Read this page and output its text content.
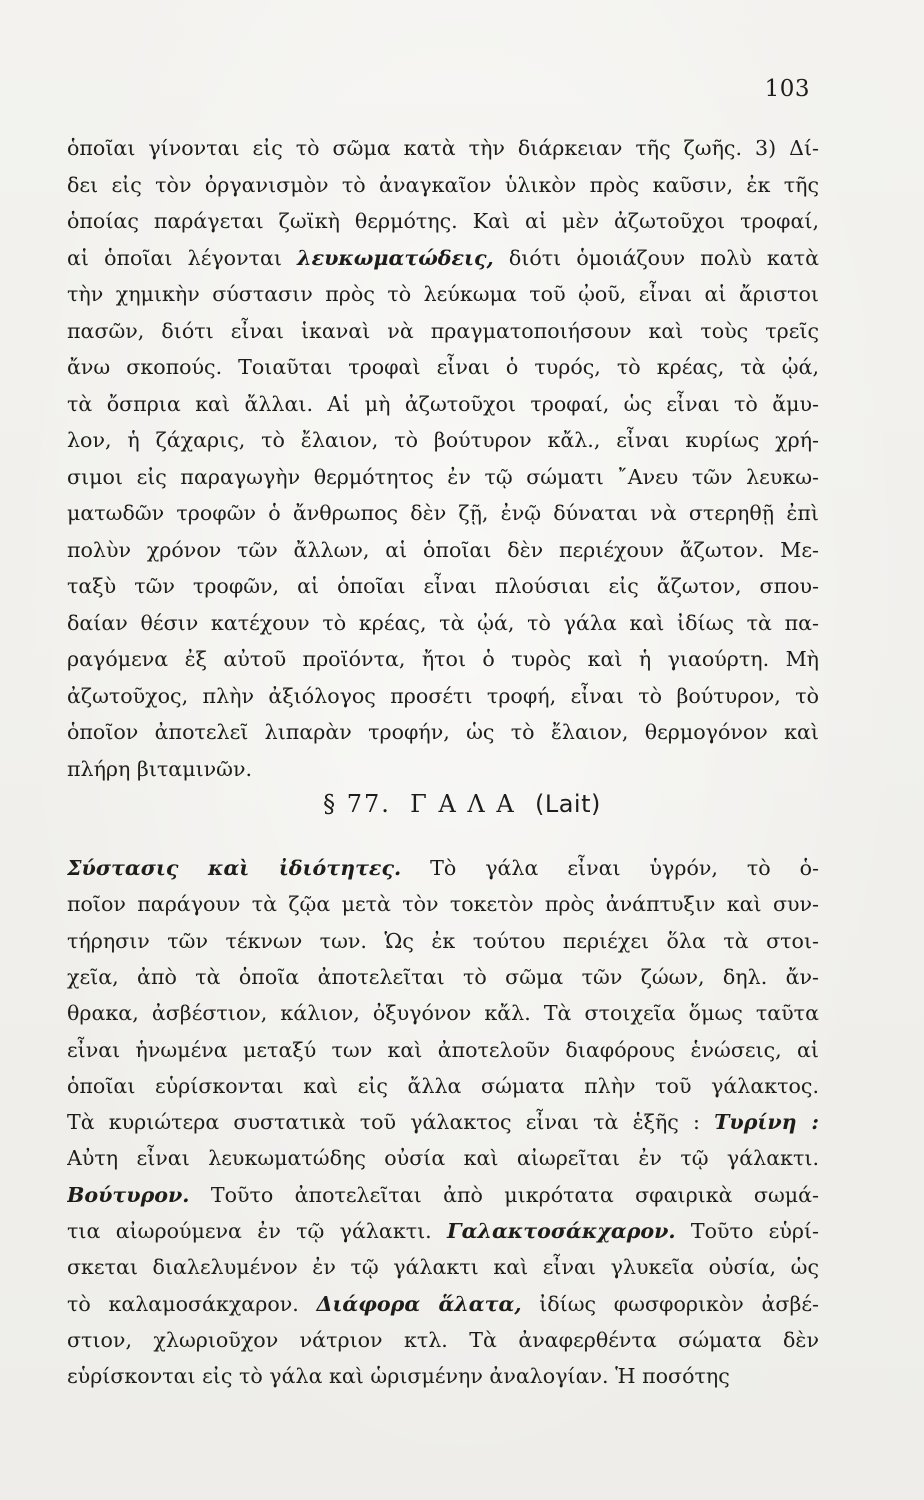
103
ὁποῖαι γίνονται εἰς τὸ σῶμα κατὰ τὴν διάρκειαν τῆς ζωῆς. 3) Δί-
δει εἰς τὸν ὀργανισμὸν τὸ ἀναγκαῖον ὑλικὸν πρὸς καῦσιν, ἐκ τῆς
ὁποίας παράγεται ζωϊκὴ θερμότης. Καὶ αἱ μὲν ἀζωτοῦχοι τροφαί,
αἱ ὁποῖαι λέγονται λευκωματώδεις, διότι ὁμοιάζουν πολὺ κατὰ
τὴν χημικὴν σύστασιν πρὸς τὸ λεύκωμα τοῦ ᾠοῦ, εἶναι αἱ ἄριστοι
πασῶν, διότι εἶναι ἱκαναὶ νὰ πραγματοποιήσουν καὶ τοὺς τρεῖς
ἄνω σκοπούς. Τοιαῦται τροφαὶ εἶναι ὁ τυρός, τὸ κρέας, τὰ ᾠά,
τὰ ὄσπρια καὶ ἄλλαι. Αἱ μὴ ἀζωτοῦχοι τροφαί, ὡς εἶναι τὸ ἄμυ-
λον, ἡ ζάχαρις, τὸ ἔλαιον, τὸ βούτυρον κἄλ., εἶναι κυρίως χρή-
σιμοι εἰς παραγωγὴν θερμότητος ἐν τῷ σώματι ῎Ανευ τῶν λευκω-
ματωδῶν τροφῶν ὁ ἄνθρωπος δὲν ζῇ, ἐνῷ δύναται νὰ στερηθῇ ἐπὶ
πολὺν χρόνον τῶν ἄλλων, αἱ ὁποῖαι δὲν περιέχουν ἄζωτον. Με-
ταξὺ τῶν τροφῶν, αἱ ὁποῖαι εἶναι πλούσιαι εἰς ἄζωτον, σπου-
δαίαν θέσιν κατέχουν τὸ κρέας, τὰ ᾠά, τὸ γάλα καὶ ἰδίως τὰ πα-
ραγόμενα ἐξ αὐτοῦ προϊόντα, ἤτοι ὁ τυρὸς καὶ ἡ γιαούρτη. Μὴ
ἀζωτοῦχος, πλὴν ἀξιόλογος προσέτι τροφή, εἶναι τὸ βούτυρον, τὸ
ὁποῖον ἀποτελεῖ λιπαρὰν τροφήν, ὡς τὸ ἔλαιον, θερμογόνον καὶ
πλήρη βιταμινῶν.
§ 77. Γ Α Λ Α (Lait)
Σύστασις καὶ ἰδιότητες. Τὸ γάλα εἶναι ὑγρόν, τὸ ὁ-
ποῖον παράγουν τὰ ζῷα μετὰ τὸν τοκετὸν πρὸς ἀνάπτυξιν καὶ συν-
τήρησιν τῶν τέκνων των. Ὡς ἐκ τούτου περιέχει ὅλα τὰ στοι-
χεῖα, ἀπὸ τὰ ὁποῖα ἀποτελεῖται τὸ σῶμα τῶν ζώων, δηλ. ἄν-
θρακα, ἀσβέστιον, κάλιον, ὀξυγόνον κἄλ. Τὰ στοιχεῖα ὅμως ταῦτα
εἶναι ἡνωμένα μεταξύ των καὶ ἀποτελοῦν διαφόρους ἑνώσεις, αἱ
ὁποῖαι εὑρίσκονται καὶ εἰς ἄλλα σώματα πλὴν τοῦ γάλακτος.
Τὰ κυριώτερα συστατικὰ τοῦ γάλακτος εἶναι τὰ ἑξῆς : Τυρίνη :
Αὐτη εἶναι λευκωματώδης οὐσία καὶ αἰωρεῖται ἐν τῷ γάλακτι.
Βούτυρον. Τοῦτο ἀποτελεῖται ἀπὸ μικρότατα σφαιρικὰ σωμά-
τια αἰωρούμενα ἐν τῷ γάλακτι. Γαλακτοσάκχαρον. Τοῦτο εὑρί-
σκεται διαλελυμένον ἐν τῷ γάλακτι καὶ εἶναι γλυκεῖα οὐσία, ὡς
τὸ καλαμοσάκχαρον. Διάφορα ἅλατα, ἰδίως φωσφορικὸν ἀσβέ-
στιον, χλωριοῦχον νάτριον κτλ. Τὰ ἀναφερθέντα σώματα δὲν
εὑρίσκονται εἰς τὸ γάλα καὶ ὡρισμένην ἀναλογίαν. Ἡ ποσότης
